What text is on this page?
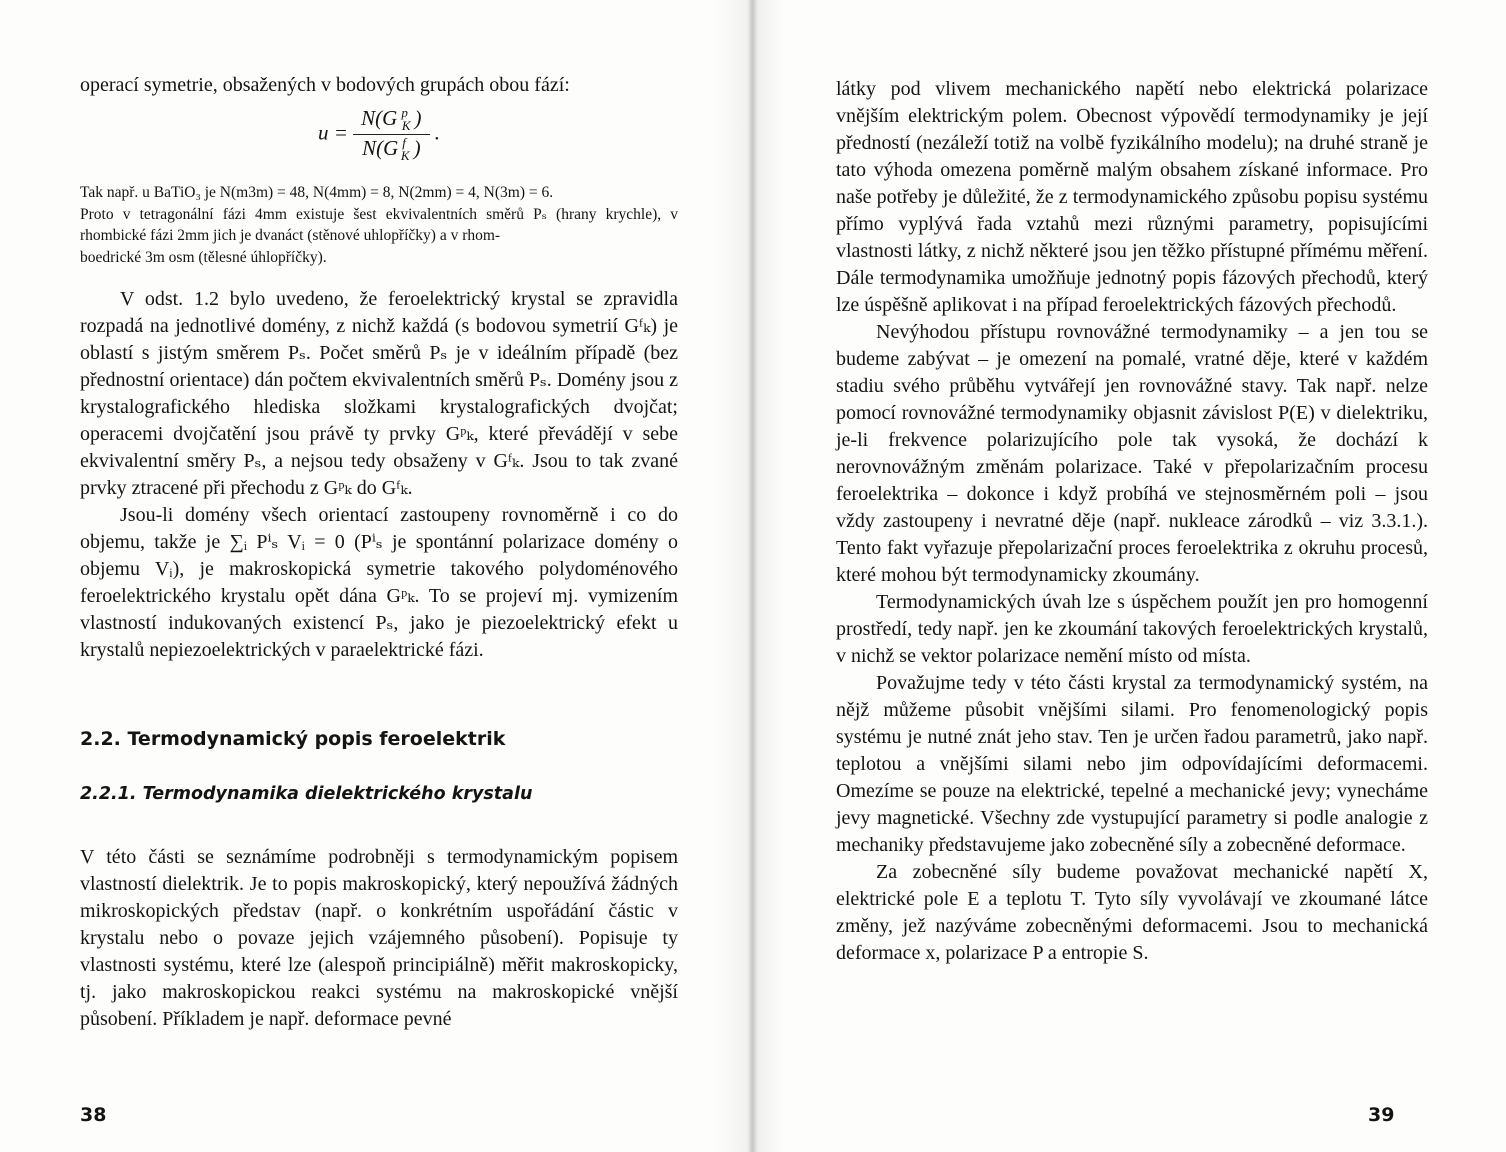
operací symetrie, obsažených v bodových grupách obou fází:

$u = \frac{N(G ^p_K )}{N(G ^f_K )}$ .

Tak např. u BaTiO₃ je N(m3m) = 48, N(4mm) = 8, N(2mm) = 4, N(3m) = 6.

Proto v tetragonální fázi 4mm existuje šest ekvivalentních směrů Pₛ (hrany krychle), v rhombické fázi 2mm jich je dvanáct (stěnové uhlopříčky) a v rhom-

boedrické 3m osm (tělesné úhlopříčky).

V odst. 1.2 bylo uvedeno, že feroelektrický krystal se zpravidla rozpadá na jednotlivé domény, z nichž každá (s bodovou symetrií Gᶠₖ) je oblastí s jistým směrem Pₛ. Počet směrů Pₛ je v ideálním případě (bez přednostní orientace) dán počtem ekvivalentních směrů Pₛ. Domény jsou z krystalografického hlediska složkami krystalografických dvojčat; operacemi dvojčatění jsou právě ty prvky Gᵖₖ, které převádějí v sebe ekvivalentní směry Pₛ, a nejsou tedy obsaženy v Gᶠₖ. Jsou to tak zvané prvky ztracené při přechodu z Gᵖₖ do Gᶠₖ.

Jsou-li domény všech orientací zastoupeny rovnoměrně i co do objemu, takže je ∑ᵢ Pⁱₛ Vᵢ = 0 (Pⁱₛ je spontánní polarizace domény o objemu Vᵢ), je makroskopická symetrie takového polydoménového feroelektrického krystalu opět dána Gᵖₖ. To se projeví mj. vymizením vlastností indukovaných existencí Pₛ, jako je piezoelektrický efekt u krystalů nepiezoelektrických v paraelektrické fázi.

2.2. Termodynamický popis feroelektrik
2.2.1. Termodynamika dielektrického krystalu

V této části se seznámíme podrobněji s termodynamickým popisem vlastností dielektrik. Je to popis makroskopický, který nepoužívá žádných mikroskopických představ (např. o konkrétním uspořádání částic v krystalu nebo o povaze jejich vzájemného působení). Popisuje ty vlastnosti systému, které lze (alespoň principiálně) měřit makroskopicky, tj. jako makroskopickou reakci systému na makroskopické vnější působení. Příkladem je např. deformace pevné

38

látky pod vlivem mechanického napětí nebo elektrická polarizace vnějším elektrickým polem. Obecnost výpovědí termodynamiky je její předností (nezáleží totiž na volbě fyzikálního modelu); na druhé straně je tato výhoda omezena poměrně malým obsahem získané informace. Pro naše potřeby je důležité, že z termodynamického způsobu popisu systému přímo vyplývá řada vztahů mezi různými parametry, popisujícími vlastnosti látky, z nichž některé jsou jen těžko přístupné přímému měření. Dále termodynamika umožňuje jednotný popis fázových přechodů, který lze úspěšně aplikovat i na případ feroelektrických fázových přechodů.

Nevýhodou přístupu rovnovážné termodynamiky – a jen tou se budeme zabývat – je omezení na pomalé, vratné děje, které v každém stadiu svého průběhu vytvářejí jen rovnovážné stavy. Tak např. nelze pomocí rovnovážné termodynamiky objasnit závislost P(E) v dielektriku, je-li frekvence polarizujícího pole tak vysoká, že dochází k nerovnovážným změnám polarizace. Také v přepolarizačním procesu feroelektrika – dokonce i když probíhá ve stejnosměrném poli – jsou vždy zastoupeny i nevratné děje (např. nukleace zárodků – viz 3.3.1.). Tento fakt vyřazuje přepolarizační proces feroelektrika z okruhu procesů, které mohou být termodynamicky zkoumány.

Termodynamických úvah lze s úspěchem použít jen pro homogenní prostředí, tedy např. jen ke zkoumání takových feroelektrických krystalů, v nichž se vektor polarizace nemění místo od místa.

Považujme tedy v této části krystal za termodynamický systém, na nějž můžeme působit vnějšími silami. Pro fenomenologický popis systému je nutné znát jeho stav. Ten je určen řadou parametrů, jako např. teplotou a vnějšími silami nebo jim odpovídajícími deformacemi. Omezíme se pouze na elektrické, tepelné a mechanické jevy; vynecháme jevy magnetické. Všechny zde vystupující parametry si podle analogie z mechaniky představujeme jako zobecněné síly a zobecněné deformace.

Za zobecněné síly budeme považovat mechanické napětí X, elektrické pole E a teplotu T. Tyto síly vyvolávají ve zkoumané látce změny, jež nazýváme zobecněnými deformacemi. Jsou to mechanická deformace x, polarizace P a entropie S.

39
